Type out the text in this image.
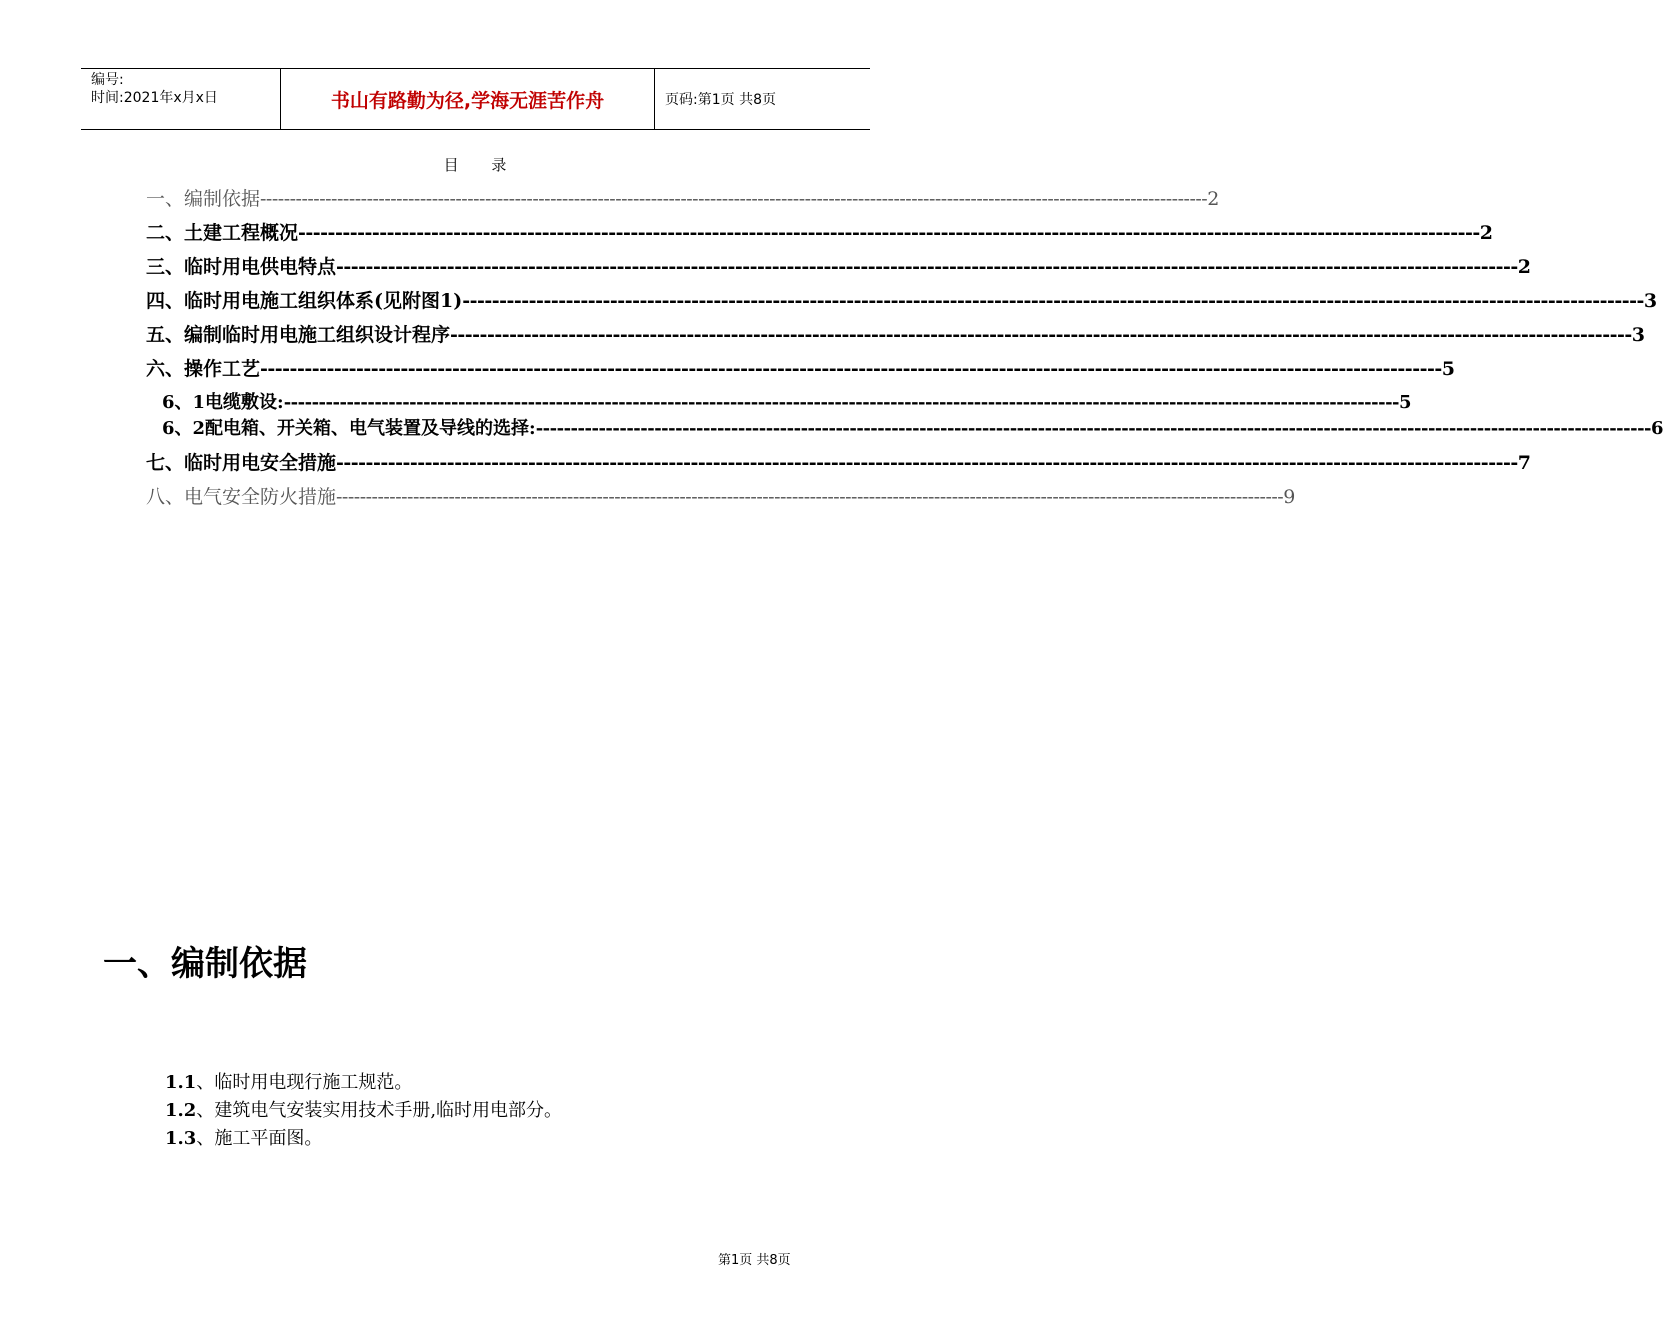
编号:
时间:2021年x月x日	书山有路勤为径,学海无涯苦作舟	页码:第1页 共8页
目 录
一、编制依据 ---------------------------------------------------------------------------------------------------------------------------------------------------------------- 2
二、土建工程概况 ---------------------------------------------------------------------------------------------------------------------------------------------------------------- 2
三、临时用电供电特点 ---------------------------------------------------------------------------------------------------------------------------------------------------------------- 2
四、临时用电施工组织体系(见附图1) ---------------------------------------------------------------------------------------------------------------------------------------------------------------- 3
五、编制临时用电施工组织设计程序 ---------------------------------------------------------------------------------------------------------------------------------------------------------------- 3
六、操作工艺 ---------------------------------------------------------------------------------------------------------------------------------------------------------------- 5
6、1电缆敷设: ---------------------------------------------------------------------------------------------------------------------------------------------------------------- 5
6、2配电箱、开关箱、电气装置及导线的选择: ---------------------------------------------------------------------------------------------------------------------------------------------------------------- 6
七、临时用电安全措施 ---------------------------------------------------------------------------------------------------------------------------------------------------------------- 7
八、电气安全防火措施 ---------------------------------------------------------------------------------------------------------------------------------------------------------------- 9
一、编制依据
1.1、临时用电现行施工规范。
1.2、建筑电气安装实用技术手册,临时用电部分。
1.3、施工平面图。
第1页 共8页
